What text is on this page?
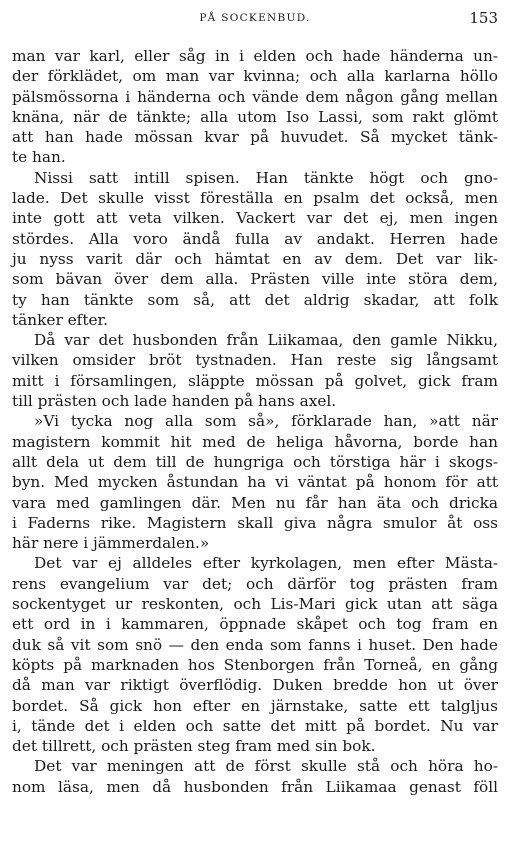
PÅ SOCKENBUD.	153
man var karl, eller såg in i elden och hade händerna un-
der förklädet, om man var kvinna; och alla karlarna höllo
pälsmössorna i händerna och vände dem någon gång mellan
knäna, när de tänkte; alla utom Iso Lassi, som rakt glömt
att han hade mössan kvar på huvudet. Så mycket tänk-
te han.
Nissi satt intill spisen. Han tänkte högt och gno-
lade. Det skulle visst föreställa en psalm det också, men
inte gott att veta vilken. Vackert var det ej, men ingen
stördes. Alla voro ändå fulla av andakt. Herren hade
ju nyss varit där och hämtat en av dem. Det var lik-
som bävan över dem alla. Prästen ville inte störa dem,
ty han tänkte som så, att det aldrig skadar, att folk
tänker efter.
Då var det husbonden från Liikamaa, den gamle Nikku,
vilken omsider bröt tystnaden. Han reste sig långsamt
mitt i församlingen, släppte mössan på golvet, gick fram
till prästen och lade handen på hans axel.
»Vi tycka nog alla som så», förklarade han, »att när
magistern kommit hit med de heliga håvorna, borde han
allt dela ut dem till de hungriga och törstiga här i skogs-
byn. Med mycken åstundan ha vi väntat på honom för att
vara med gamlingen där. Men nu får han äta och dricka
i Faderns rike. Magistern skall giva några smulor åt oss
här nere i jämmerdalen.»
Det var ej alldeles efter kyrkolagen, men efter Mästa-
rens evangelium var det; och därför tog prästen fram
sockentyget ur reskonten, och Lis-Mari gick utan att säga
ett ord in i kammaren, öppnade skåpet och tog fram en
duk så vit som snö — den enda som fanns i huset. Den hade
köpts på marknaden hos Stenborgen från Torneå, en gång
då man var riktigt överflödig. Duken bredde hon ut över
bordet. Så gick hon efter en järnstake, satte ett talgljus
i, tände det i elden och satte det mitt på bordet. Nu var
det tillrett, och prästen steg fram med sin bok.
Det var meningen att de först skulle stå och höra ho-
nom läsa, men då husbonden från Liikamaa genast föll
